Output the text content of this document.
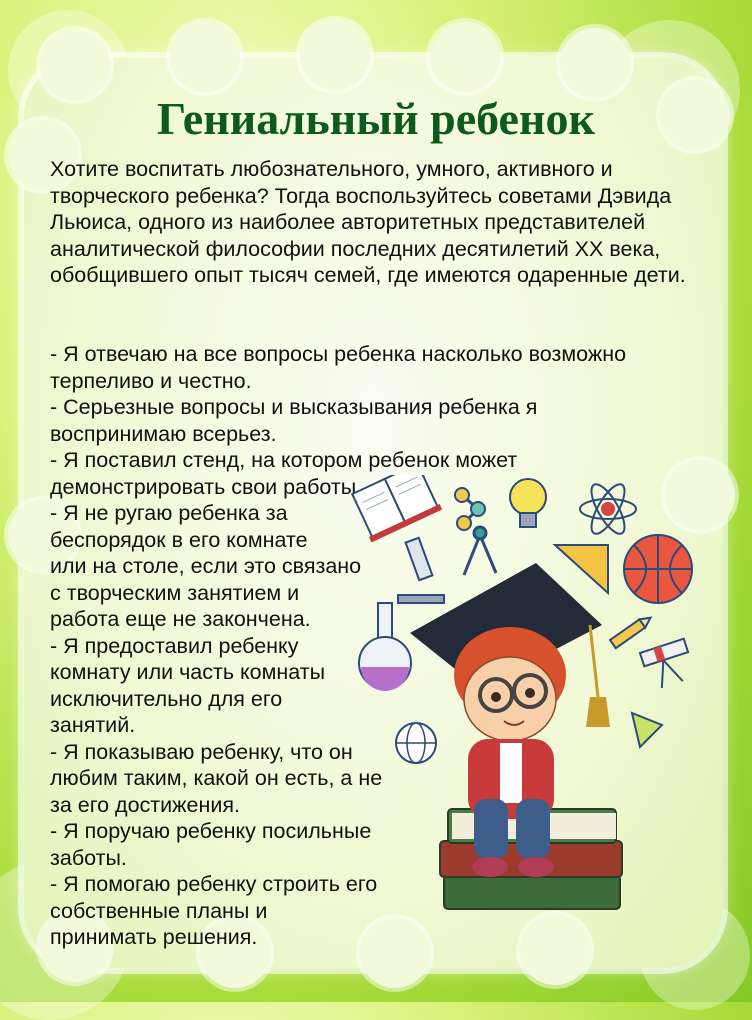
Гениальный ребенок

Хотите воспитать любознательного, умного, активного и творческого ребенка? Тогда воспользуйтесь советами Дэвида Льюиса, одного из наиболее авторитетных представителей аналитической философии последних десятилетий XX века, обобщившего опыт тысяч семей, где имеются одаренные дети.

- Я отвечаю на все вопросы ребенка насколько возможно
терпеливо и честно.
- Серьезные вопросы и высказывания ребенка я
воспринимаю всерьез.
- Я поставил стенд, на котором ребенок может
демонстрировать свои работы.
- Я не ругаю ребенка за
беспорядок в его комнате
или на столе, если это связано
с творческим занятием и
работа еще не закончена.
- Я предоставил ребенку
комнату или часть комнаты
исключительно для его
занятий.
- Я показываю ребенку, что он
любим таким, какой он есть, а не
за его достижения.
- Я поручаю ребенку посильные
заботы.
- Я помогаю ребенку строить его
собственные планы и
принимать решения.
